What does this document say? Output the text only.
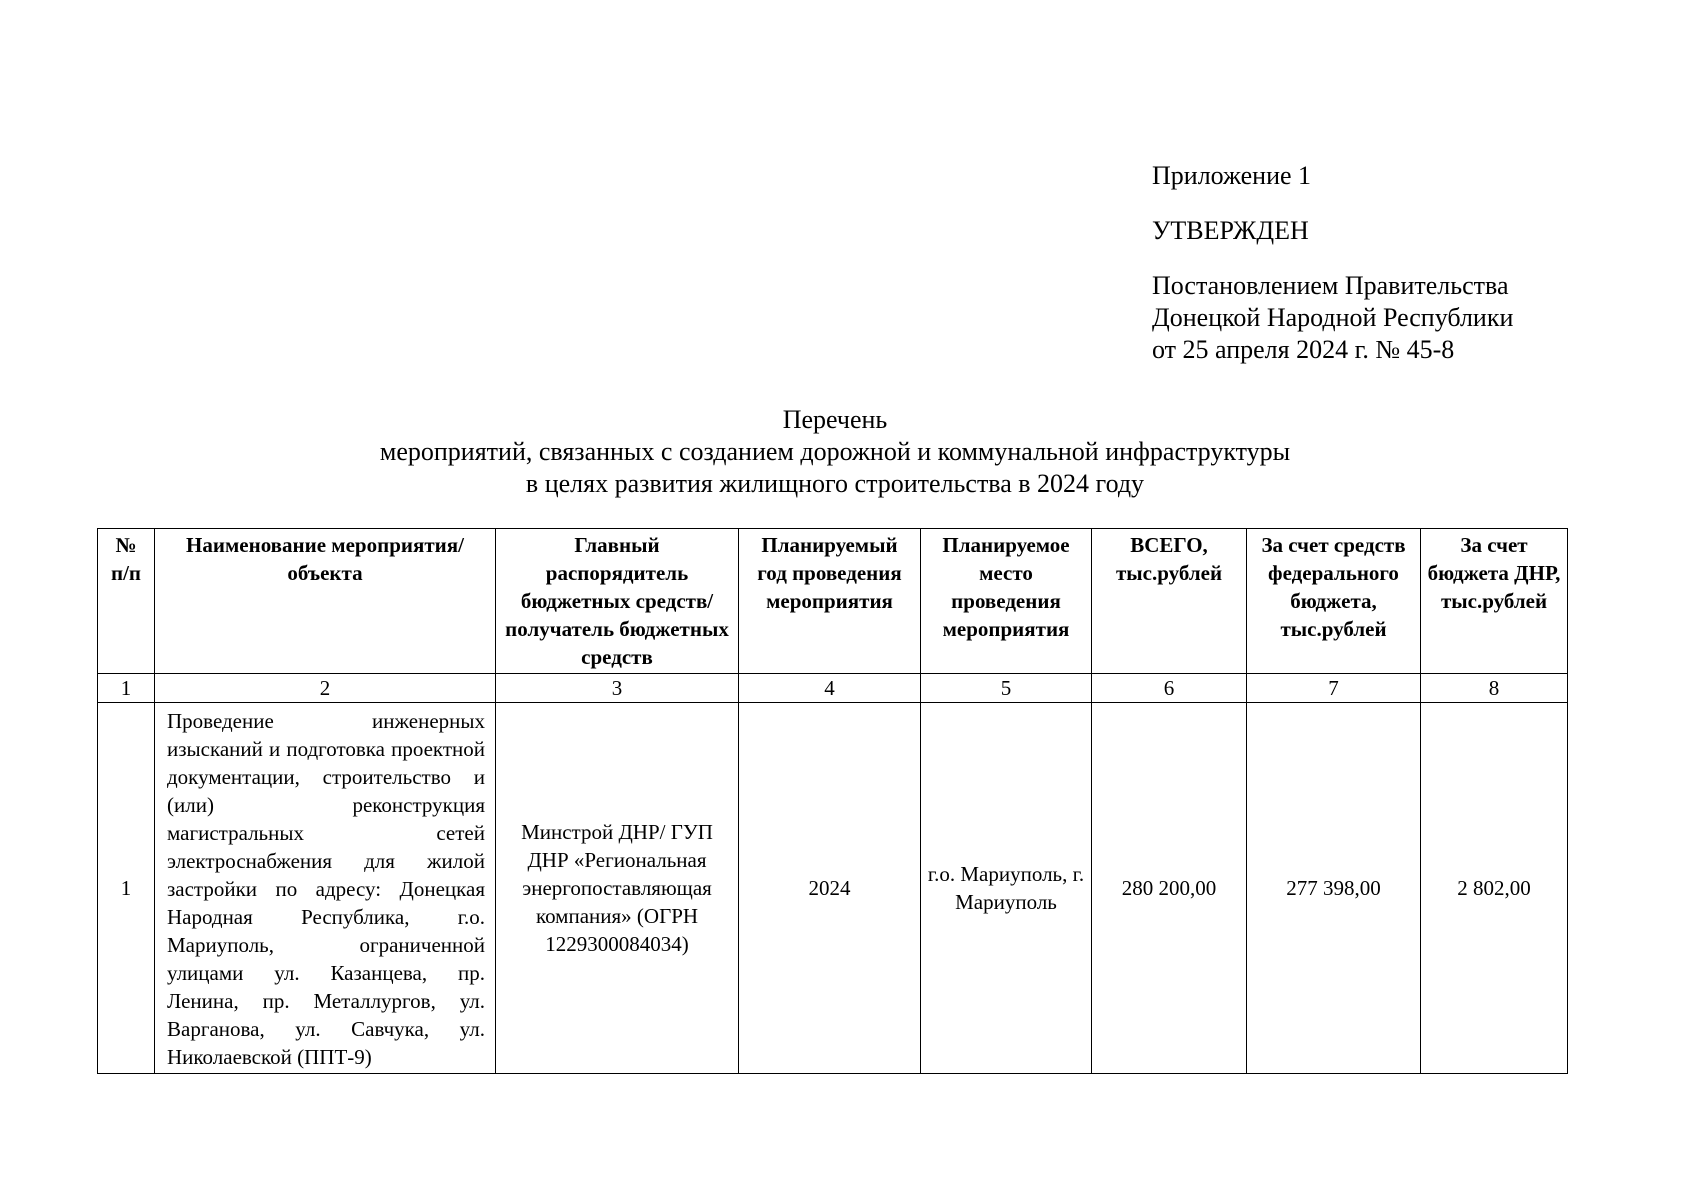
Приложение 1
УТВЕРЖДЕН
Постановлением Правительства
Донецкой Народной Республики
от 25 апреля 2024 г. № 45-8
Перечень
мероприятий, связанных с созданием дорожной и коммунальной инфраструктуры
в целях развития жилищного строительства в 2024 году
№ п/п	Наименование мероприятия/ объекта	Главный распорядитель бюджетных средств/получатель бюджетных средств	Планируемый год проведения мероприятия	Планируемое место проведения мероприятия	ВСЕГО, тыс.рублей	За счет средств федерального бюджета, тыс.рублей	За счет бюджета ДНР, тыс.рублей
1	2	3	4	5	6	7	8
1	Проведение инженерных изысканий и подготовка проектной документации, строительство и (или) реконструкция магистральных сетей электроснабжения для жилой застройки по адресу: Донецкая Народная Республика, г.о. Мариуполь, ограниченной улицами ул. Казанцева, пр. Ленина, пр. Металлургов, ул. Варганова, ул. Савчука, ул. Николаевской (ППТ-9)	Минстрой ДНР/ ГУП ДНР «Региональная энергопоставляющая компания» (ОГРН 1229300084034)	2024	г.о. Мариуполь, г. Мариуполь	280 200,00	277 398,00	2 802,00
